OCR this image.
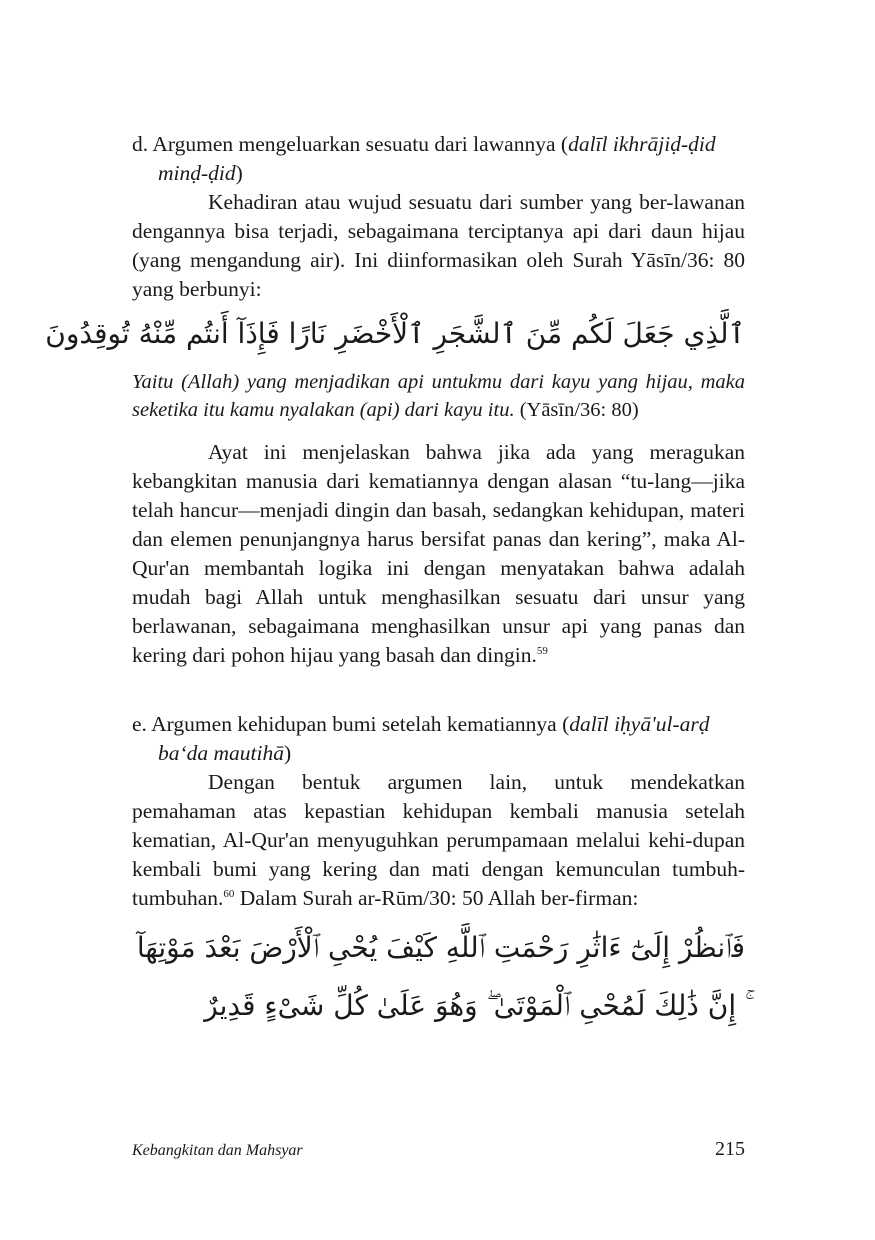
d. Argumen mengeluarkan sesuatu dari lawannya (dalīl ikhrājiḍ-ḍid minḍ-ḍid)

Kehadiran atau wujud sesuatu dari sumber yang ber-lawanan dengannya bisa terjadi, sebagaimana terciptanya api dari daun hijau (yang mengandung air). Ini diinformasikan oleh Surah Yāsīn/36: 80 yang berbunyi:

ٱلَّذِي جَعَلَ لَكُم مِّنَ ٱلشَّجَرِ ٱلْأَخْضَرِ نَارًا فَإِذَآ أَنتُم مِّنْهُ تُوقِدُونَ

Yaitu (Allah) yang menjadikan api untukmu dari kayu yang hijau, maka seketika itu kamu nyalakan (api) dari kayu itu. (Yāsīn/36: 80)

Ayat ini menjelaskan bahwa jika ada yang meragukan kebangkitan manusia dari kematiannya dengan alasan “tu-lang—jika telah hancur—menjadi dingin dan basah, sedangkan kehidupan, materi dan elemen penunjangnya harus bersifat panas dan kering”, maka Al-Qur'an membantah logika ini dengan menyatakan bahwa adalah mudah bagi Allah untuk menghasilkan sesuatu dari unsur yang berlawanan, sebagaimana menghasilkan unsur api yang panas dan kering dari pohon hijau yang basah dan dingin.$^{59}$

e. Argumen kehidupan bumi setelah kematiannya (dalīl iḥyā'ul-arḍ ba‘da mautihā)

Dengan bentuk argumen lain, untuk mendekatkan pemahaman atas kepastian kehidupan kembali manusia setelah kematian, Al-Qur'an menyuguhkan perumpamaan melalui kehi-dupan kembali bumi yang kering dan mati dengan kemunculan tumbuh-tumbuhan.$^{60}$ Dalam Surah ar-Rūm/30: 50 Allah ber-firman:

فَٱنظُرْ إِلَىٰٓ ءَاثَٰرِ رَحْمَتِ ٱللَّهِ كَيْفَ يُحْىِ ٱلْأَرْضَ بَعْدَ مَوْتِهَآ ۚ إِنَّ ذَٰلِكَ لَمُحْىِ ٱلْمَوْتَىٰ ۖ وَهُوَ عَلَىٰ كُلِّ شَىْءٍ قَدِيرٌ
Kebangkitan dan Mahsyar	215
